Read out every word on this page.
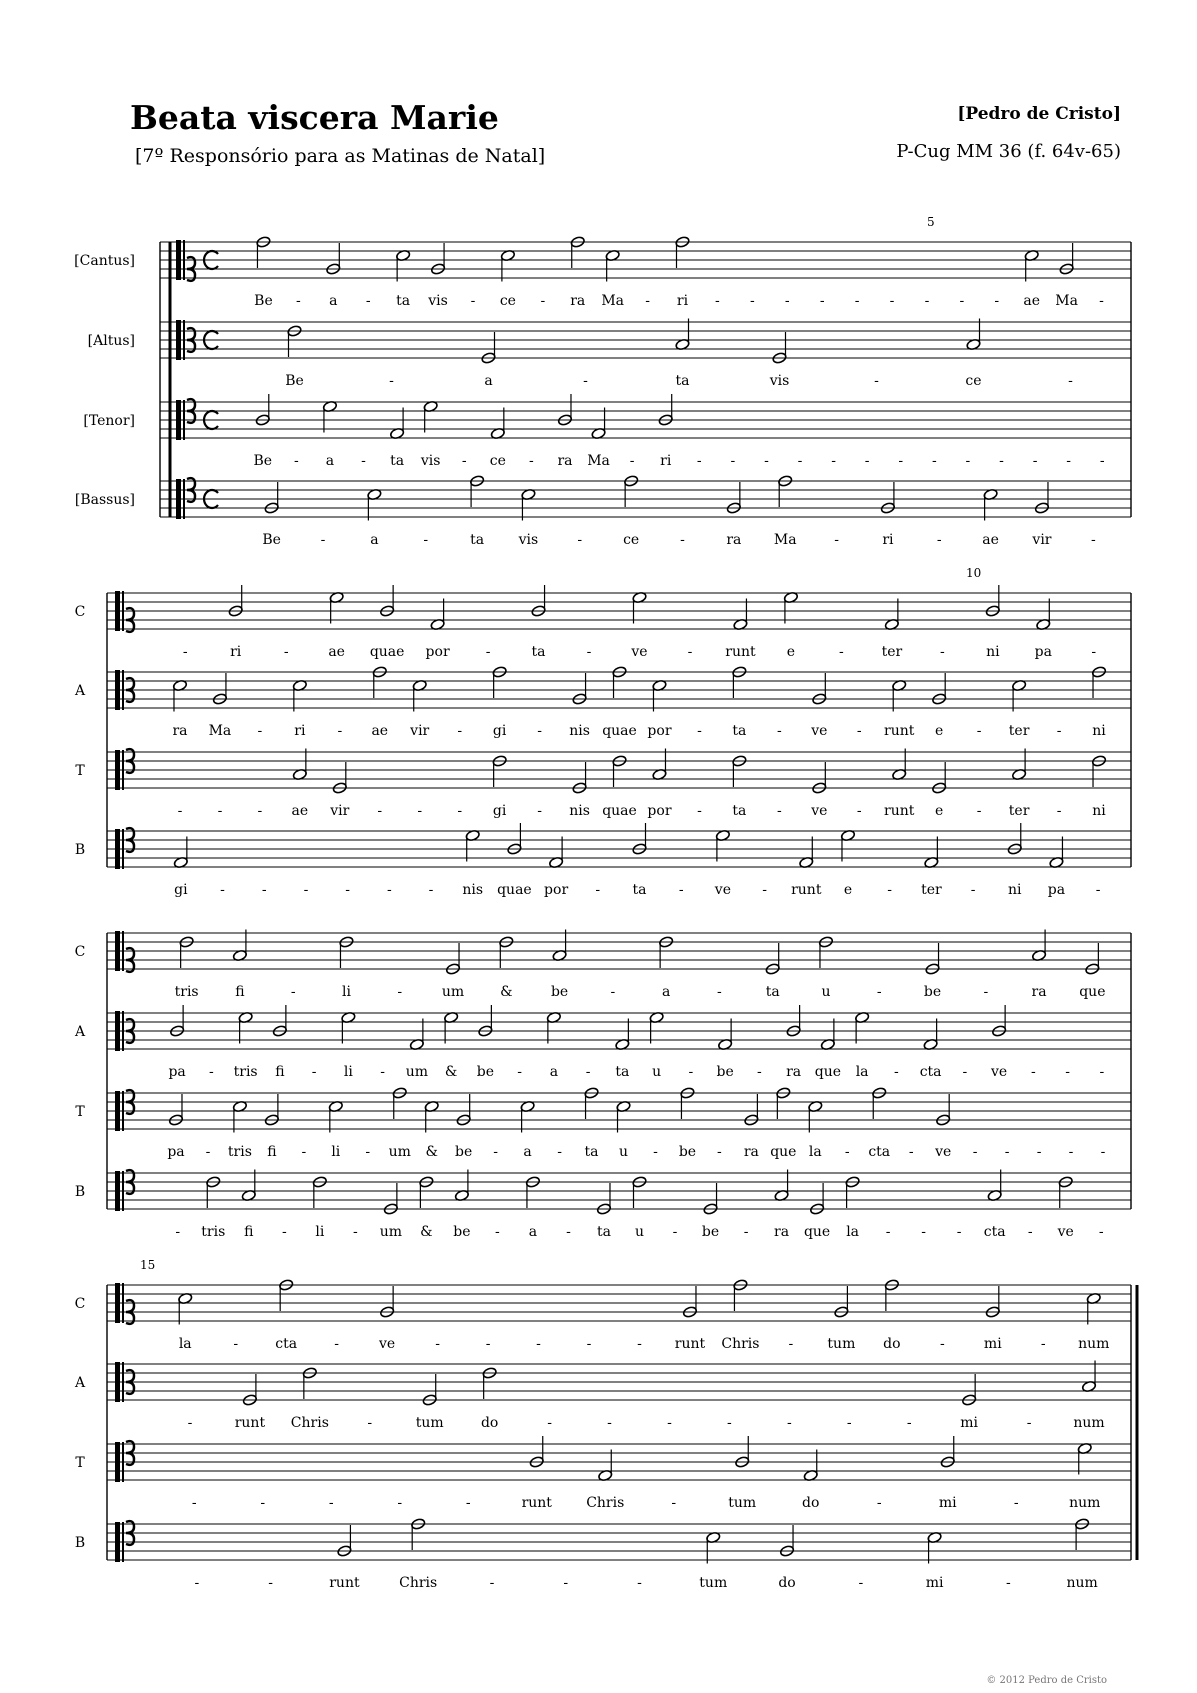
Beata viscera Marie
[7º Responsório para as Matinas de Natal]
[Pedro de Cristo]
P-Cug MM 36 (f. 64v-65)
5
[Cantus]
Be - a - ta vis - ce - ra Ma - ri - - - - - - - - - ae Ma -
[Altus]
Be	-	a	-	ta	vis	-	ce	-
[Tenor]
Be - a - ta vis - ce - ra Ma - ri - - - - - - - - - - - - -
[Bassus]
Be	-	a	-	ta vis	-	ce	-	ra Ma	-	ri	-	ae vir	-
10
C
-	ri	-	ae quae por	-	ta	-	ve	- runt e	-	ter	-	ni	pa	-
A
ra Ma - ri - ae vir - gi - nis quae por - ta - ve - runt e - ter - ni
T
-	-	- ae vir -	-	- gi - nis quae por - ta - ve - runt e - ter - ni
B
gi -	-	-	-	-	- nis quae por - ta - ve - runt e	- ter - ni pa -
C
tris	fi	-	li	-	um	&	be	-	a	-	ta	u	-	be	-	ra que
A
pa - tris fi - li - um & be - a - ta u - be - ra que la - cta - ve - - -
T
pa - tris fi - li - um & be - a - ta u - be - ra que la - cta - ve - - - - -
B
- tris fi - li - um & be - a - ta u - be - ra que la - - - cta - ve -
15
C
la	-	cta	-	ve	-	-	-	-	- runt Chris - tum do	-	mi	- num
A
-	runt Chris	-	tum	do	-	-	-	-	-	-	-	mi	-	num
T
-	-	-	-	-	runt Chris	-	tum	do	-	mi	-	num
B
-	-	runt	Chris	-	-	-	tum	do	-	mi	-	num
© 2012 Pedro de Cristo
